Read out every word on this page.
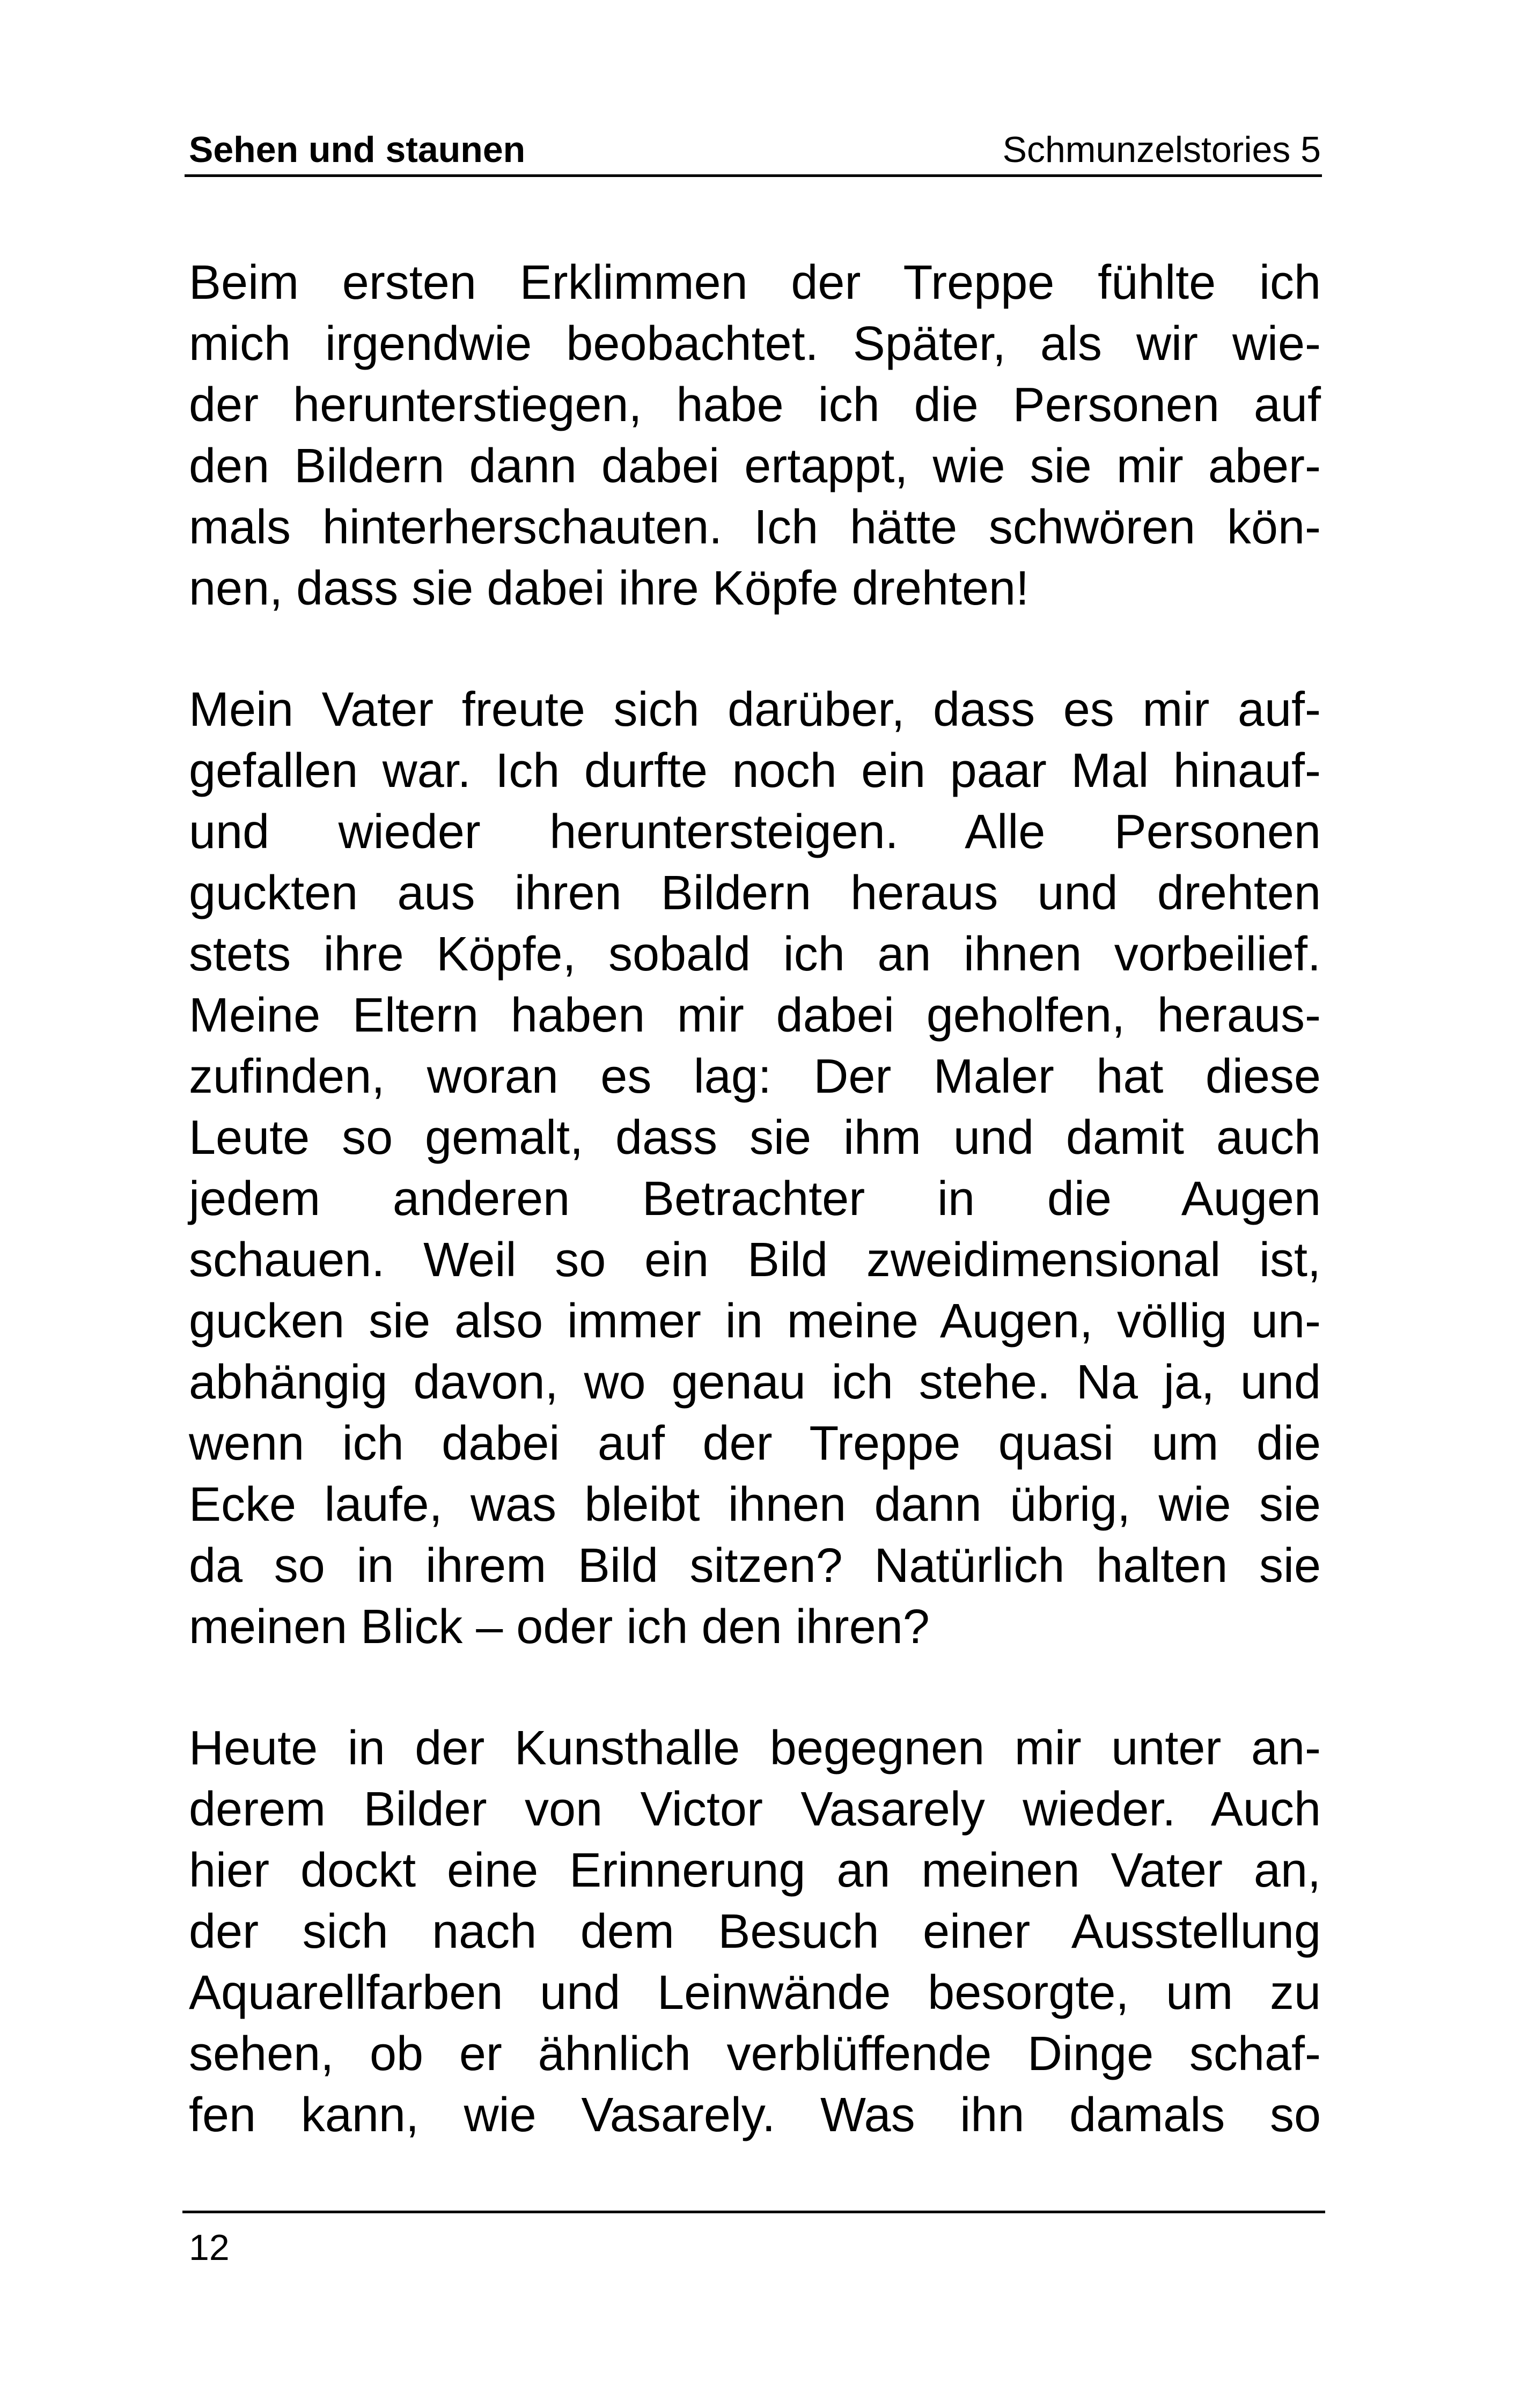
Sehen und staunen	Schmunzelstories 5
Beim ersten Erklimmen der Treppe fühlte ich
mich irgendwie beobachtet. Später, als wir wie-
der herunterstiegen, habe ich die Personen auf
den Bildern dann dabei ertappt, wie sie mir aber-
mals hinterherschauten. Ich hätte schwören kön-
nen, dass sie dabei ihre Köpfe drehten!
Mein Vater freute sich darüber, dass es mir auf-
gefallen war. Ich durfte noch ein paar Mal hinauf-
und wieder heruntersteigen. Alle Personen
guckten aus ihren Bildern heraus und drehten
stets ihre Köpfe, sobald ich an ihnen vorbeilief.
Meine Eltern haben mir dabei geholfen, heraus-
zufinden, woran es lag: Der Maler hat diese
Leute so gemalt, dass sie ihm und damit auch
jedem anderen Betrachter in die Augen
schauen. Weil so ein Bild zweidimensional ist,
gucken sie also immer in meine Augen, völlig un-
abhängig davon, wo genau ich stehe. Na ja, und
wenn ich dabei auf der Treppe quasi um die
Ecke laufe, was bleibt ihnen dann übrig, wie sie
da so in ihrem Bild sitzen? Natürlich halten sie
meinen Blick – oder ich den ihren?
Heute in der Kunsthalle begegnen mir unter an-
derem Bilder von Victor Vasarely wieder. Auch
hier dockt eine Erinnerung an meinen Vater an,
der sich nach dem Besuch einer Ausstellung
Aquarellfarben und Leinwände besorgte, um zu
sehen, ob er ähnlich verblüffende Dinge schaf-
fen kann, wie Vasarely. Was ihn damals so
12
